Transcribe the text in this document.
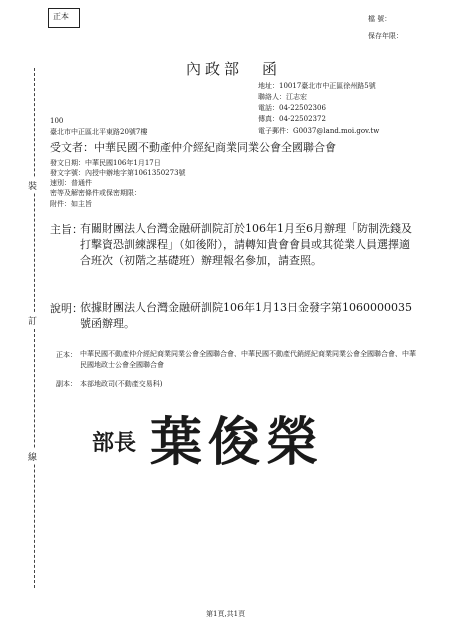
正本	檔 號：
保存年限：
內政部　函
地址：10017臺北市中正區徐州路5號
聯絡人：江志宏
電話：04-22502306
傳真：04-22502372
電子郵件：G0037@land.moi.gov.tw
100
臺北市中正區北平東路20號7樓
受文者：中華民國不動產仲介經紀商業同業公會全國聯合會
發文日期：中華民國106年1月17日
發文字號：內授中辦地字第1061350273號
速別：普通件
密等及解密條件或保密期限：
附件：如主旨
主旨：
有關財團法人台灣金融研訓院訂於106年1月至6月辦理「防制洗錢及打擊資恐訓練課程」（如後附），請轉知貴會會員或其從業人員選擇適合班次（初階之基礎班）辦理報名參加，請查照。
說明：
依據財團法人台灣金融研訓院106年1月13日金發字第1060000035號函辦理。
正本： 中華民國不動產仲介經紀商業同業公會全國聯合會、中華民國不動產代銷經紀商業同業公會全國聯合會、中華民國地政士公會全國聯合會
副本： 本部地政司(不動產交易科)
部長 葉俊榮
裝
訂
線
第1頁,共1頁
